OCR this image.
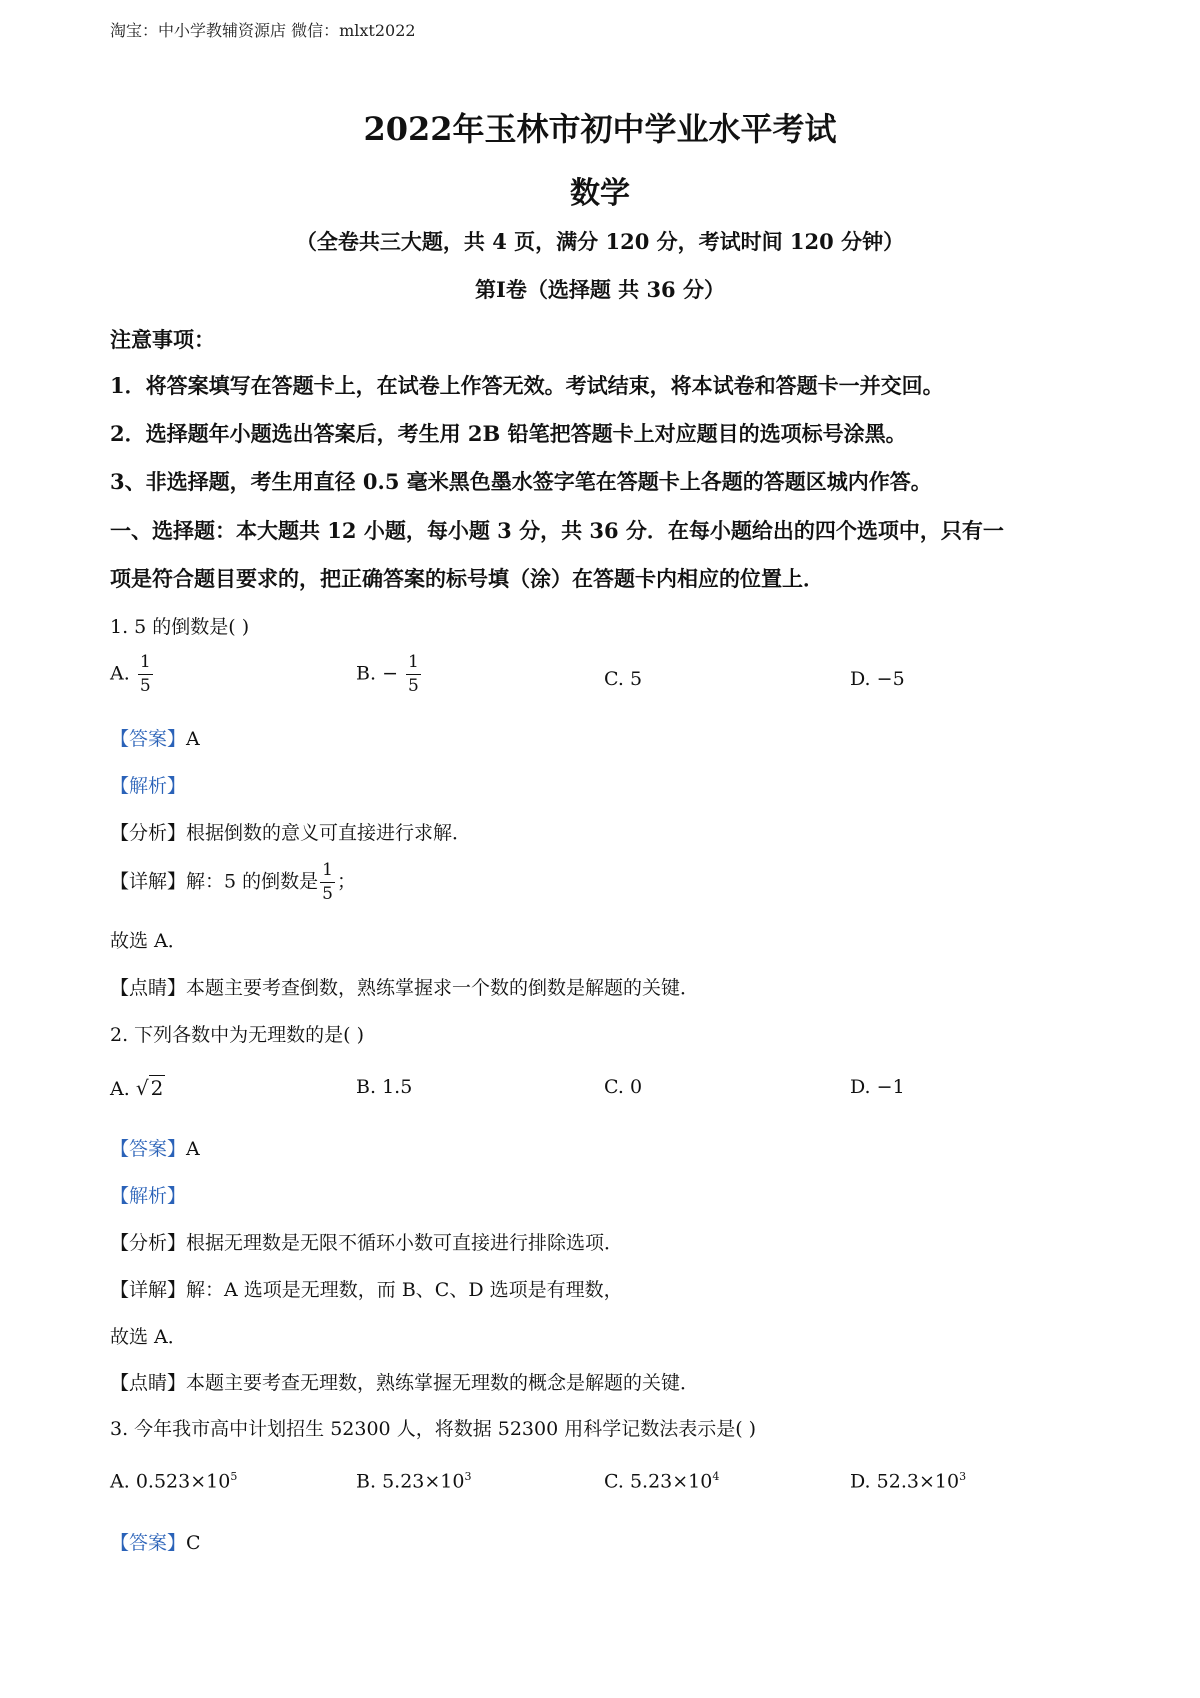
淘宝：中小学教辅资源店 微信：mlxt2022
2022年玉林市初中学业水平考试
数学
（全卷共三大题，共 4 页，满分 120 分，考试时间 120 分钟）
第Ⅰ卷（选择题 共 36 分）
注意事项：
1．将答案填写在答题卡上，在试卷上作答无效。考试结束，将本试卷和答题卡一并交回。
2．选择题年小题选出答案后，考生用 2B 铅笔把答题卡上对应题目的选项标号涂黑。
3、非选择题，考生用直径 0.5 毫米黑色墨水签字笔在答题卡上各题的答题区城内作答。
一、选择题：本大题共 12 小题，每小题 3 分，共 36 分．在每小题给出的四个选项中，只有一
项是符合题目要求的，把正确答案的标号填（涂）在答题卡内相应的位置上．
1. 5 的倒数是( )
A. $\frac{1}{5}$	B. − $\frac{1}{5}$	C. 5	D. −5
【答案】A
【解析】
【分析】根据倒数的意义可直接进行求解．
【详解】解：5 的倒数是 $\frac{1}{5}$ ；
故选 A．
【点睛】本题主要考查倒数，熟练掌握求一个数的倒数是解题的关键．
2. 下列各数中为无理数的是( )
A. √ 2	B. 1.5	C. 0	D. −1
【答案】A
【解析】
【分析】根据无理数是无限不循环小数可直接进行排除选项．
【详解】解：A 选项是无理数，而 B、C、D 选项是有理数，
故选 A．
【点睛】本题主要考查无理数，熟练掌握无理数的概念是解题的关键．
3. 今年我市高中计划招生 52300 人，将数据 52300 用科学记数法表示是( )
A. $0.523\times 10^5$	B. $5.23\times 10^3$	C. $5.23\times 10^4$	D. $52.3\times 10^3$
【答案】C
